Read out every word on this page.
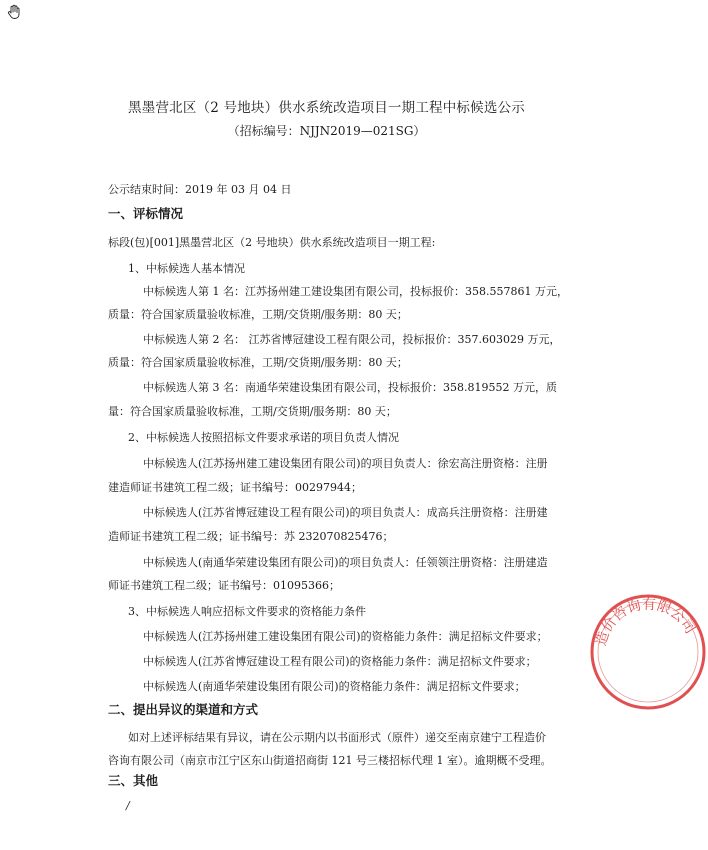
黑墨营北区（2 号地块）供水系统改造项目一期工程中标候选公示
（招标编号：NJJN2019—021SG）
公示结束时间：2019 年 03 月 04 日
一、评标情况
标段(包)[001]黑墨营北区（2 号地块）供水系统改造项目一期工程:
1、中标候选人基本情况
中标候选人第 1 名：江苏扬州建工建设集团有限公司，投标报价：358.557861 万元，
质量：符合国家质量验收标准，工期/交货期/服务期：80 天；
中标候选人第 2 名： 江苏省博冠建设工程有限公司，投标报价：357.603029 万元，
质量：符合国家质量验收标准，工期/交货期/服务期：80 天；
中标候选人第 3 名：南通华荣建设集团有限公司，投标报价：358.819552 万元，质
量：符合国家质量验收标准，工期/交货期/服务期：80 天；
2、中标候选人按照招标文件要求承诺的项目负责人情况
中标候选人(江苏扬州建工建设集团有限公司)的项目负责人：徐宏高注册资格：注册
建造师证书建筑工程二级；证书编号：00297944；
中标候选人(江苏省博冠建设工程有限公司)的项目负责人：成高兵注册资格：注册建
造师证书建筑工程二级；证书编号：苏 232070825476；
中标候选人(南通华荣建设集团有限公司)的项目负责人：任领领注册资格：注册建造
师证书建筑工程二级；证书编号：01095366；
3、中标候选人响应招标文件要求的资格能力条件
中标候选人(江苏扬州建工建设集团有限公司)的资格能力条件：满足招标文件要求；
中标候选人(江苏省博冠建设工程有限公司)的资格能力条件：满足招标文件要求；
中标候选人(南通华荣建设集团有限公司)的资格能力条件：满足招标文件要求；
二、提出异议的渠道和方式
如对上述评标结果有异议，请在公示期内以书面形式（原件）递交至南京建宁工程造价
咨询有限公司（南京市江宁区东山街道招商街 121 号三楼招标代理 1 室）。逾期概不受理。
三、其他
/
造价咨询有限公司
